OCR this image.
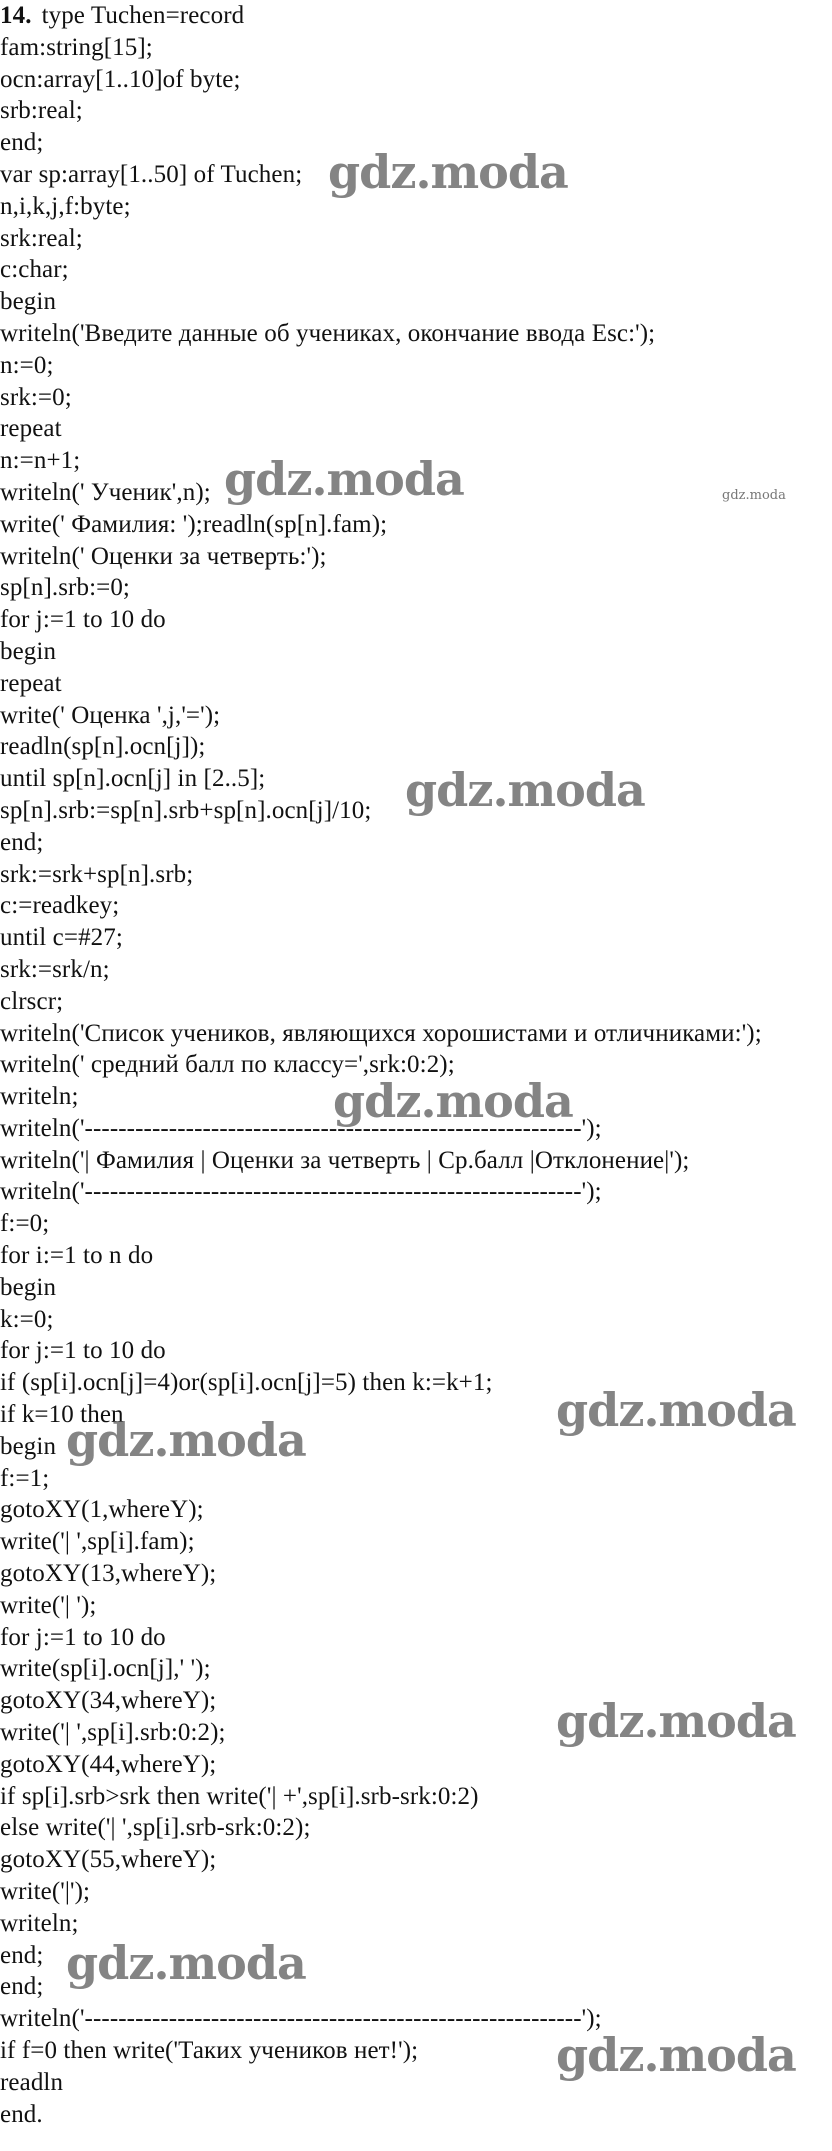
14. type Tuchen=record
fam:string[15];
ocn:array[1..10]of byte;
srb:real;
end;
var sp:array[1..50] of Tuchen;
n,i,k,j,f:byte;
srk:real;
c:char;
begin
writeln('Введите данные об учениках, окончание ввода Esc:');
n:=0;
srk:=0;
repeat
n:=n+1;
writeln(' Ученик',n);
write(' Фамилия: ');readln(sp[n].fam);
writeln(' Оценки за четверть:');
sp[n].srb:=0;
for j:=1 to 10 do
begin
repeat
write(' Оценка ',j,'=');
readln(sp[n].ocn[j]);
until sp[n].ocn[j] in [2..5];
sp[n].srb:=sp[n].srb+sp[n].ocn[j]/10;
end;
srk:=srk+sp[n].srb;
c:=readkey;
until c=#27;
srk:=srk/n;
clrscr;
writeln('Список учеников, являющихся хорошистами и отличниками:');
writeln(' средний балл по классу=',srk:0:2);
writeln;
writeln('-----------------------------------------------------------');
writeln('| Фамилия | Оценки за четверть | Ср.балл |Отклонение|');
writeln('-----------------------------------------------------------');
f:=0;
for i:=1 to n do
begin
k:=0;
for j:=1 to 10 do
if (sp[i].ocn[j]=4)or(sp[i].ocn[j]=5) then k:=k+1;
if k=10 then
begin
f:=1;
gotoXY(1,whereY);
write('| ',sp[i].fam);
gotoXY(13,whereY);
write('| ');
for j:=1 to 10 do
write(sp[i].ocn[j],' ');
gotoXY(34,whereY);
write('| ',sp[i].srb:0:2);
gotoXY(44,whereY);
if sp[i].srb>srk then write('| +',sp[i].srb-srk:0:2)
else write('| ',sp[i].srb-srk:0:2);
gotoXY(55,whereY);
write('|');
writeln;
end;
end;
writeln('-----------------------------------------------------------');
if f=0 then write('Таких учеников нет!');
readln
end.
gdz.moda
gdz.moda	gdz.moda
gdz.moda
gdz.moda
gdz.moda
gdz.moda
gdz.moda
gdz.moda
gdz.moda
